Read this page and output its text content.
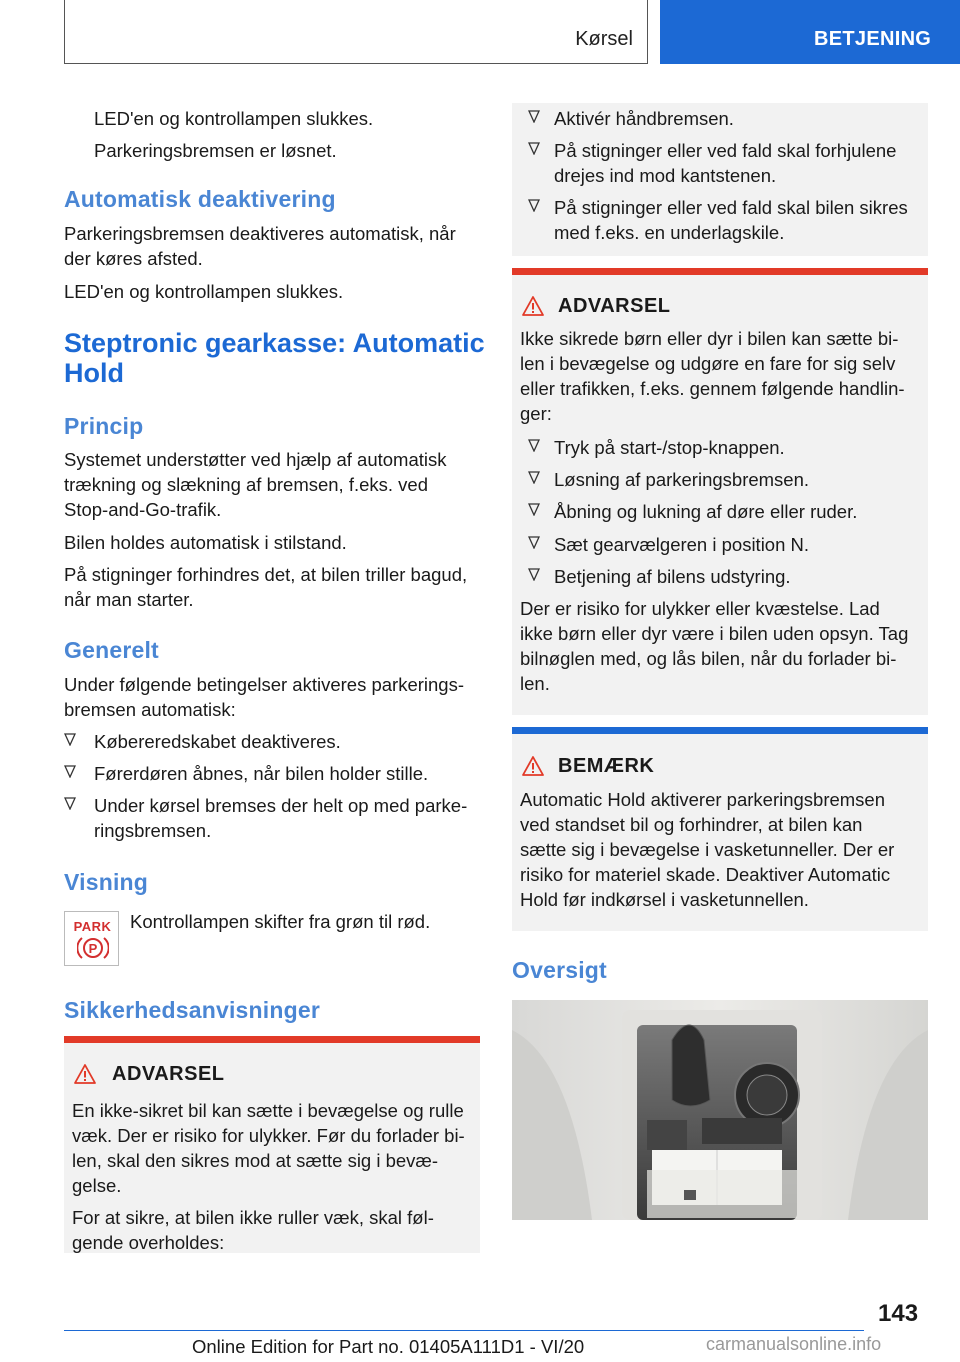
Kørsel	BETJENING
LED'en og kontrollampen slukkes.
Parkeringsbremsen er løsnet.
Automatisk deaktivering
Parkeringsbremsen deaktiveres automatisk, når
der køres afsted.
LED'en og kontrollampen slukkes.
Steptronic gearkasse: Automatic
Hold
Princip
Systemet understøtter ved hjælp af automatisk
trækning og slækning af bremsen, f.eks. ved
Stop-and-Go-trafik.
Bilen holdes automatisk i stilstand.
På stigninger forhindres det, at bilen triller bagud,
når man starter.
Generelt
Under følgende betingelser aktiveres parkerings-
bremsen automatisk:
Købereredskabet deaktiveres.
Førerdøren åbnes, når bilen holder stille.
Under kørsel bremses der helt op med parke-
ringsbremsen.
Visning
PARK
P
Kontrollampen skifter fra grøn til rød.
Sikkerhedsanvisninger
ADVARSEL
En ikke-sikret bil kan sætte i bevægelse og rulle
væk. Der er risiko for ulykker. Før du forlader bi-
len, skal den sikres mod at sætte sig i bevæ-
gelse.
For at sikre, at bilen ikke ruller væk, skal føl-
gende overholdes:
Aktivér håndbremsen.
På stigninger eller ved fald skal forhjulene
drejes ind mod kantstenen.
På stigninger eller ved fald skal bilen sikres
med f.eks. en underlagskile.
ADVARSEL
Ikke sikrede børn eller dyr i bilen kan sætte bi-
len i bevægelse og udgøre en fare for sig selv
eller trafikken, f.eks. gennem følgende handlin-
ger:
Tryk på start-/stop-knappen.
Løsning af parkeringsbremsen.
Åbning og lukning af døre eller ruder.
Sæt gearvælgeren i position N.
Betjening af bilens udstyring.
Der er risiko for ulykker eller kvæstelse. Lad
ikke børn eller dyr være i bilen uden opsyn. Tag
bilnøglen med, og lås bilen, når du forlader bi-
len.
BEMÆRK
Automatic Hold aktiverer parkeringsbremsen
ved standset bil og forhindrer, at bilen kan
sætte sig i bevægelse i vasketunneller. Der er
risiko for materiel skade. Deaktiver Automatic
Hold før indkørsel i vasketunnellen.
Oversigt
143
Online Edition for Part no. 01405A111D1 - VI/20	carmanualsonline.info
